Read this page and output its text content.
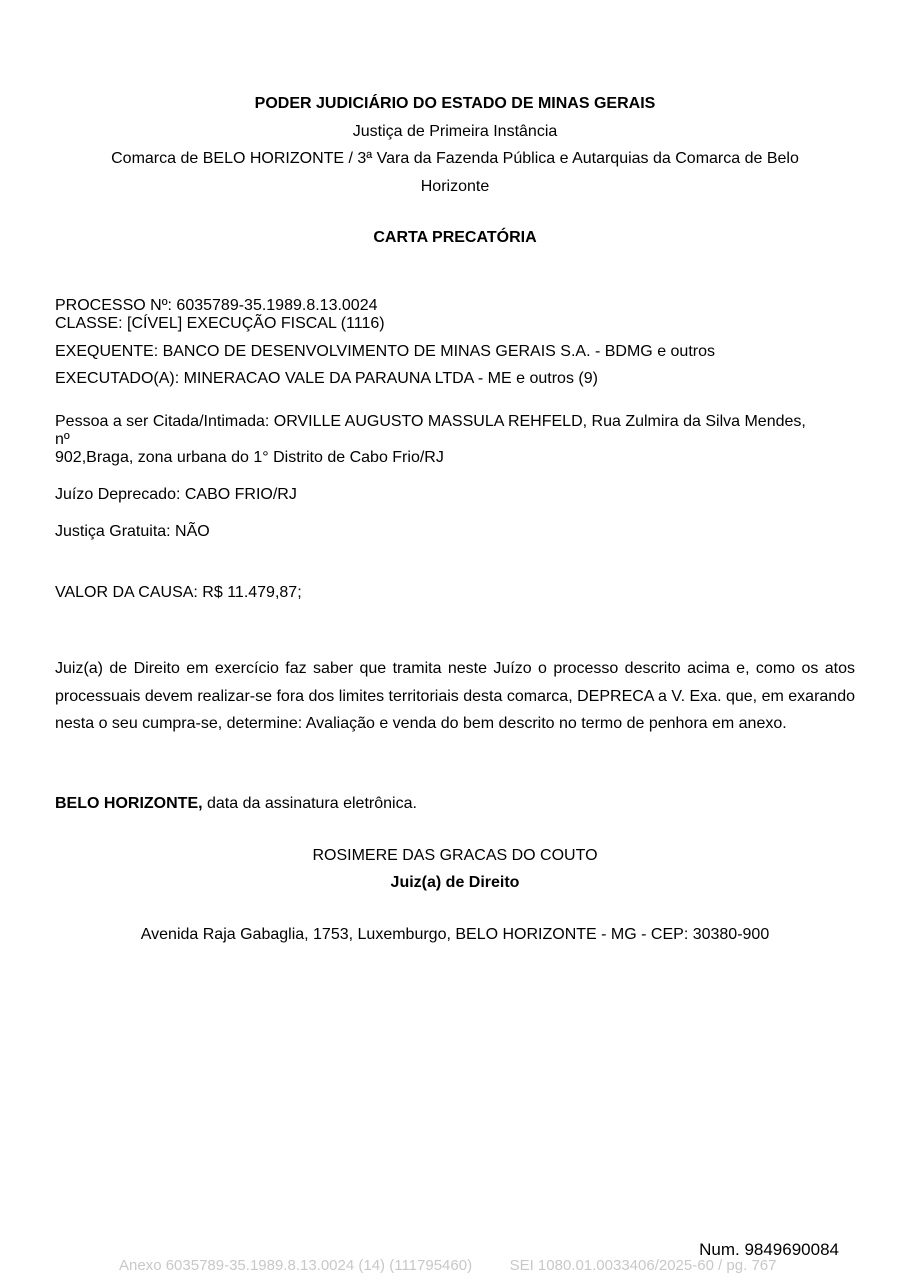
PODER JUDICIÁRIO DO ESTADO DE MINAS GERAIS

Justiça de Primeira Instância

Comarca de BELO HORIZONTE / 3ª Vara da Fazenda Pública e Autarquias da Comarca de Belo

Horizonte

CARTA PRECATÓRIA

PROCESSO Nº: 6035789-35.1989.8.13.0024

CLASSE: [CÍVEL] EXECUÇÃO FISCAL (1116)

EXEQUENTE: BANCO DE DESENVOLVIMENTO DE MINAS GERAIS S.A. - BDMG e outros

EXECUTADO(A): MINERACAO VALE DA PARAUNA LTDA - ME e outros (9)

Pessoa a ser Citada/Intimada: ORVILLE AUGUSTO MASSULA REHFELD, Rua Zulmira da Silva Mendes,

nº

902,Braga, zona urbana do 1° Distrito de Cabo Frio/RJ

Juízo Deprecado: CABO FRIO/RJ

Justiça Gratuita: NÃO

VALOR DA CAUSA: R$ 11.479,87;

Juiz(a) de Direito em exercício faz saber que tramita neste Juízo o processo descrito acima e, como os atos processuais devem realizar-se fora dos limites territoriais desta comarca, DEPRECA a V. Exa. que, em exarando nesta o seu cumpra-se, determine: Avaliação e venda do bem descrito no termo de penhora em anexo.

BELO HORIZONTE, data da assinatura eletrônica.

ROSIMERE DAS GRACAS DO COUTO

Juiz(a) de Direito

Avenida Raja Gabaglia, 1753, Luxemburgo, BELO HORIZONTE - MG - CEP: 30380-900

Num. 9849690084

Anexo 6035789-35.1989.8.13.0024 (14) (111795460)         SEI 1080.01.0033406/2025-60 / pg. 767
